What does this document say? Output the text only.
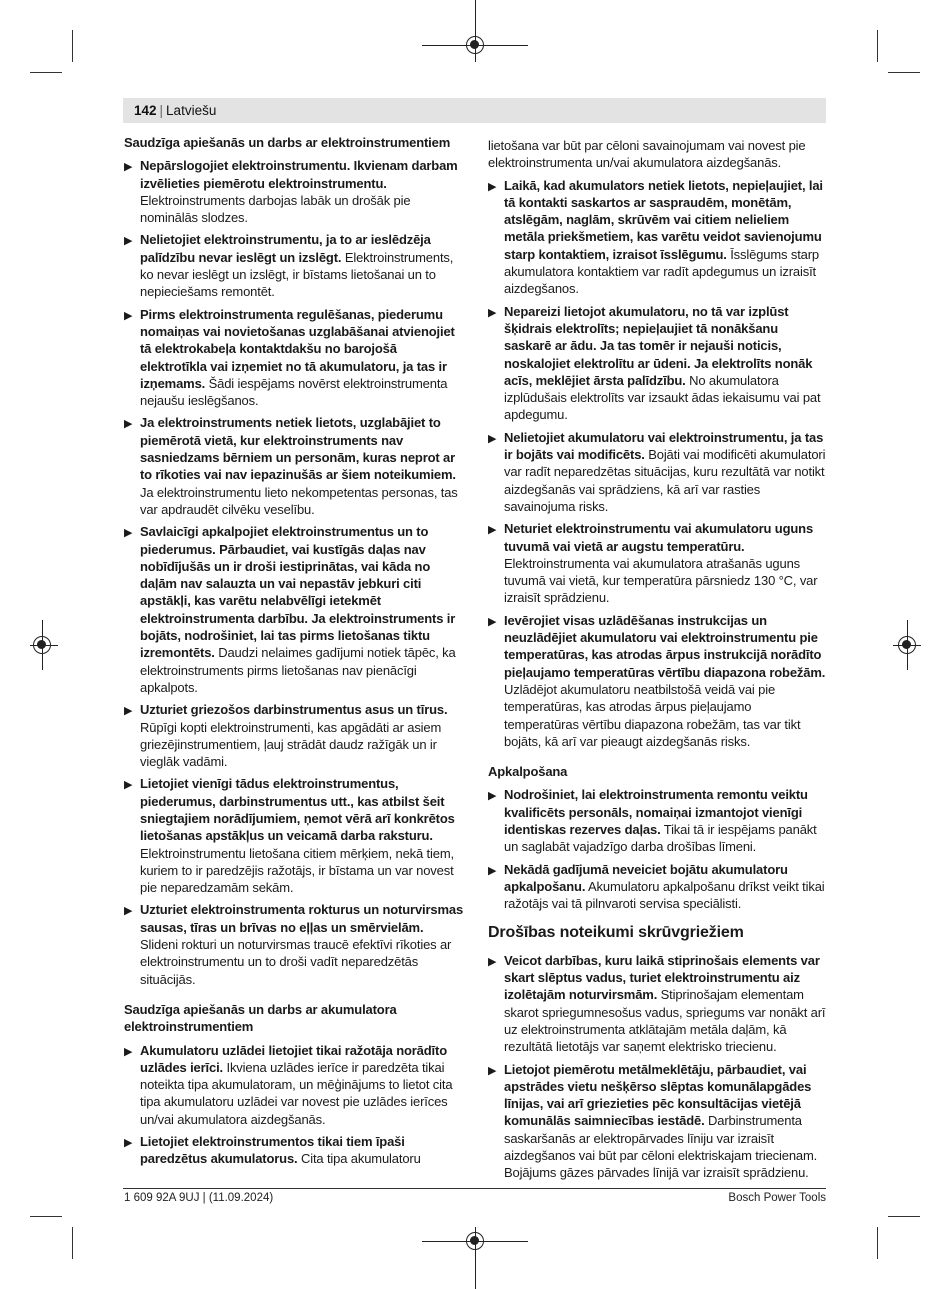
142 | Latviešu
Saudzīga apiešanās un darbs ar elektroinstrumentiem
▶ Nepārslogojiet elektroinstrumentu. Ikvienam darbam izvēlieties piemērotu elektroinstrumentu. Elektroinstruments darbojas labāk un drošāk pie nominālās slodzes.
▶ Nelietojiet elektroinstrumentu, ja to ar ieslēdzēja palīdzību nevar ieslēgt un izslēgt. Elektroinstruments, ko nevar ieslēgt un izslēgt, ir bīstams lietošanai un to nepieciešams remontēt.
▶ Pirms elektroinstrumenta regulēšanas, piederumu nomaiņas vai novietošanas uzglabāšanai atvienojiet tā elektrokabeļa kontaktdakšu no barojošā elektrotīkla vai izņemiet no tā akumulatoru, ja tas ir izņemams. Šādi iespējams novērst elektroinstrumenta nejaušu ieslēgšanos.
▶ Ja elektroinstruments netiek lietots, uzglabājiet to piemērotā vietā, kur elektroinstruments nav sasniedzams bērniem un personām, kuras neprot ar to rīkoties vai nav iepazinušās ar šiem noteikumiem. Ja elektroinstrumentu lieto nekompetentas personas, tas var apdraudēt cilvēku veselību.
▶ Savlaicīgi apkalpojiet elektroinstrumentus un to piederumus. Pārbaudiet, vai kustīgās daļas nav nobīdījušās un ir droši iestiprinātas, vai kāda no daļām nav salauzta un vai nepastāv jebkuri citi apstākļi, kas varētu nelabvēlīgi ietekmēt elektroinstrumenta darbību. Ja elektroinstruments ir bojāts, nodrošiniet, lai tas pirms lietošanas tiktu izremontēts. Daudzi nelaimes gadījumi notiek tāpēc, ka elektroinstruments pirms lietošanas nav pienācīgi apkalpots.
▶ Uzturiet griezošos darbinstrumentus asus un tīrus. Rūpīgi kopti elektroinstrumenti, kas apgādāti ar asiem griezējinstrumentiem, ļauj strādāt daudz ražīgāk un ir vieglāk vadāmi.
▶ Lietojiet vienīgi tādus elektroinstrumentus, piederumus, darbinstrumentus utt., kas atbilst šeit sniegtajiem norādījumiem, ņemot vērā arī konkrētos lietošanas apstākļus un veicamā darba raksturu. Elektroinstrumentu lietošana citiem mērķiem, nekā tiem, kuriem to ir paredzējis ražotājs, ir bīstama un var novest pie neparedzamām sekām.
▶ Uzturiet elektroinstrumenta rokturus un noturvirsmas sausas, tīras un brīvas no eļļas un smērvielām. Slideni rokturi un noturvirsmas traucē efektīvi rīkoties ar elektroinstrumentu un to droši vadīt neparedzētās situācijās.
Saudzīga apiešanās un darbs ar akumulatora elektroinstrumentiem
▶ Akumulatoru uzlādei lietojiet tikai ražotāja norādīto uzlādes ierīci. Ikviena uzlādes ierīce ir paredzēta tikai noteikta tipa akumulatoram, un mēģinājums to lietot cita tipa akumulatoru uzlādei var novest pie uzlādes ierīces un/vai akumulatora aizdegšanās.
▶ Lietojiet elektroinstrumentos tikai tiem īpaši paredzētus akumulatorus. Cita tipa akumulatoru
lietošana var būt par cēloni savainojumam vai novest pie elektroinstrumenta un/vai akumulatora aizdegšanās.
▶ Laikā, kad akumulators netiek lietots, nepieļaujiet, lai tā kontakti saskartos ar saspraudēm, monētām, atslēgām, naglām, skrūvēm vai citiem nelieliem metāla priekšmetiem, kas varētu veidot savienojumu starp kontaktiem, izraisot īsslēgumu. Īsslēgums starp akumulatora kontaktiem var radīt apdegumus un izraisīt aizdegšanos.
▶ Nepareizi lietojot akumulatoru, no tā var izplūst šķidrais elektrolīts; nepieļaujiet tā nonākšanu saskarē ar ādu. Ja tas tomēr ir nejauši noticis, noskalojiet elektrolītu ar ūdeni. Ja elektrolīts nonāk acīs, meklējiet ārsta palīdzību. No akumulatora izplūdušais elektrolīts var izsaukt ādas iekaisumu vai pat apdegumu.
▶ Nelietojiet akumulatoru vai elektroinstrumentu, ja tas ir bojāts vai modificēts. Bojāti vai modificēti akumulatori var radīt neparedzētas situācijas, kuru rezultātā var notikt aizdegšanās vai sprādziens, kā arī var rasties savainojuma risks.
▶ Neturiet elektroinstrumentu vai akumulatoru uguns tuvumā vai vietā ar augstu temperatūru. Elektroinstrumenta vai akumulatora atrašanās uguns tuvumā vai vietā, kur temperatūra pārsniedz 130 °C, var izraisīt sprādzienu.
▶ Ievērojiet visas uzlādēšanas instrukcijas un neuzlādējiet akumulatoru vai elektroinstrumentu pie temperatūras, kas atrodas ārpus instrukcijā norādīto pieļaujamo temperatūras vērtību diapazona robežām. Uzlādējot akumulatoru neatbilstošā veidā vai pie temperatūras, kas atrodas ārpus pieļaujamo temperatūras vērtību diapazona robežām, tas var tikt bojāts, kā arī var pieaugt aizdegšanās risks.
Apkalpošana
▶ Nodrošiniet, lai elektroinstrumenta remontu veiktu kvalificēts personāls, nomaiņai izmantojot vienīgi identiskas rezerves daļas. Tikai tā ir iespējams panākt un saglabāt vajadzīgo darba drošības līmeni.
▶ Nekādā gadījumā neveiciet bojātu akumulatoru apkalpošanu. Akumulatoru apkalpošanu drīkst veikt tikai ražotājs vai tā pilnvaroti servisa speciālisti.
Drošības noteikumi skrūvgriežiem
▶ Veicot darbības, kuru laikā stiprinošais elements var skart slēptus vadus, turiet elektroinstrumentu aiz izolētajām noturvirsmām. Stiprinošajam elementam skarot spriegumnesošus vadus, spriegums var nonākt arī uz elektroinstrumenta atklātajām metāla daļām, kā rezultātā lietotājs var saņemt elektrisko triecienu.
▶ Lietojot piemērotu metālmeklētāju, pārbaudiet, vai apstrādes vietu nešķērso slēptas komunālapgādes līnijas, vai arī griezieties pēc konsultācijas vietējā komunālās saimniecības iestādē. Darbinstrumenta saskaršanās ar elektropārvades līniju var izraisīt aizdegšanos vai būt par cēloni elektriskajam triecienam. Bojājums gāzes pārvades līnijā var izraisīt sprādzienu.
1 609 92A 9UJ | (11.09.2024)	Bosch Power Tools
